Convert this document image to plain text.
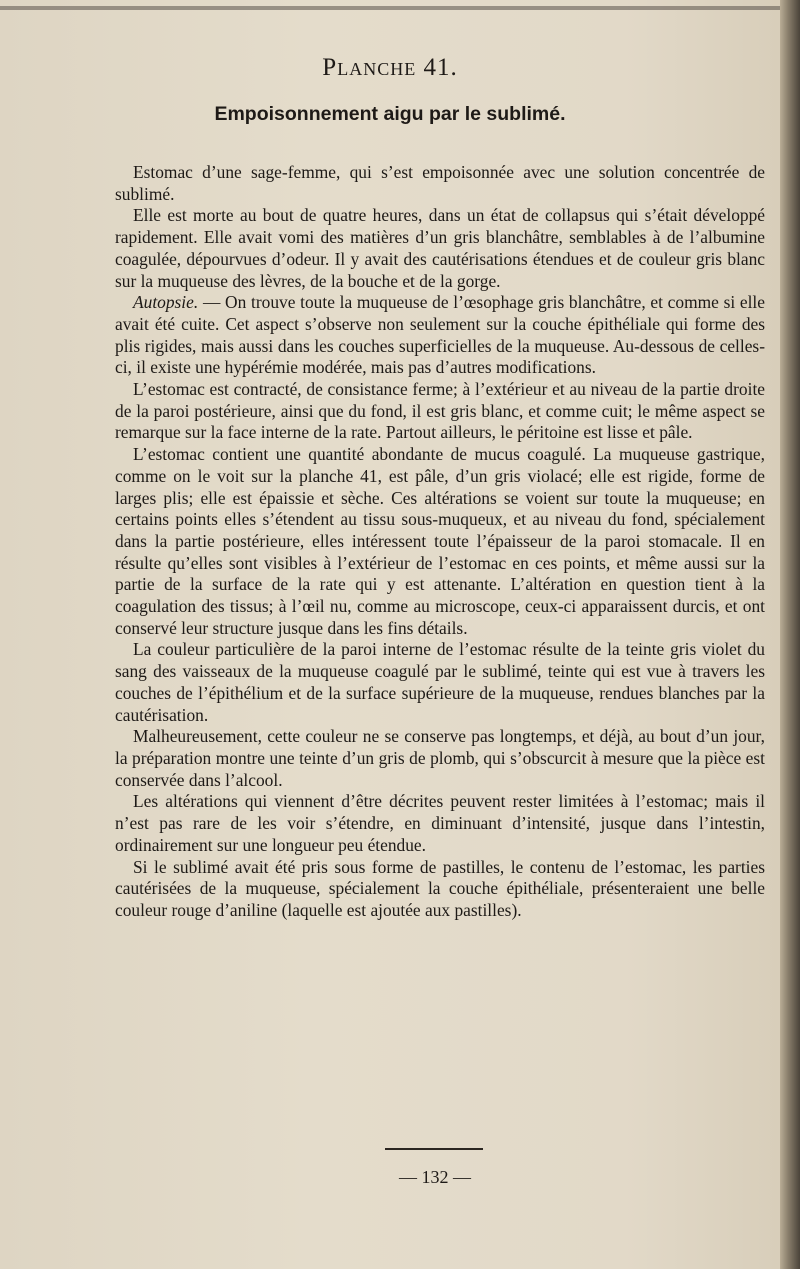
Planche 41.
Empoisonnement aigu par le sublimé.

Estomac d’une sage-femme, qui s’est empoisonnée avec une solution concentrée de sublimé.

Elle est morte au bout de quatre heures, dans un état de collapsus qui s’était développé rapidement. Elle avait vomi des matières d’un gris blanchâtre, semblables à de l’albumine coagulée, dépourvues d’odeur. Il y avait des cautérisations étendues et de couleur gris blanc sur la muqueuse des lèvres, de la bouche et de la gorge.

Autopsie. — On trouve toute la muqueuse de l’œsophage gris blanchâtre, et comme si elle avait été cuite. Cet aspect s’observe non seulement sur la couche épithéliale qui forme des plis rigides, mais aussi dans les couches superficielles de la muqueuse. Au-dessous de celles-ci, il existe une hypérémie modérée, mais pas d’autres modifications.

L’estomac est contracté, de consistance ferme; à l’extérieur et au niveau de la partie droite de la paroi postérieure, ainsi que du fond, il est gris blanc, et comme cuit; le même aspect se remarque sur la face interne de la rate. Partout ailleurs, le péritoine est lisse et pâle.

L’estomac contient une quantité abondante de mucus coagulé. La muqueuse gastrique, comme on le voit sur la planche 41, est pâle, d’un gris violacé; elle est rigide, forme de larges plis; elle est épaissie et sèche. Ces altérations se voient sur toute la muqueuse; en certains points elles s’étendent au tissu sous-muqueux, et au niveau du fond, spécialement dans la partie postérieure, elles intéressent toute l’épaisseur de la paroi stomacale. Il en résulte qu’elles sont visibles à l’extérieur de l’estomac en ces points, et même aussi sur la partie de la surface de la rate qui y est attenante. L’altération en question tient à la coagulation des tissus; à l’œil nu, comme au microscope, ceux-ci apparaissent durcis, et ont conservé leur structure jusque dans les fins détails.

La couleur particulière de la paroi interne de l’estomac résulte de la teinte gris violet du sang des vaisseaux de la muqueuse coagulé par le sublimé, teinte qui est vue à travers les couches de l’épithélium et de la surface supérieure de la muqueuse, rendues blanches par la cautérisation.

Malheureusement, cette couleur ne se conserve pas longtemps, et déjà, au bout d’un jour, la préparation montre une teinte d’un gris de plomb, qui s’obscurcit à mesure que la pièce est conservée dans l’alcool.

Les altérations qui viennent d’être décrites peuvent rester limitées à l’estomac; mais il n’est pas rare de les voir s’étendre, en diminuant d’intensité, jusque dans l’intestin, ordinairement sur une longueur peu étendue.

Si le sublimé avait été pris sous forme de pastilles, le contenu de l’estomac, les parties cautérisées de la muqueuse, spécialement la couche épithéliale, présenteraient une belle couleur rouge d’aniline (laquelle est ajoutée aux pastilles).

— 132 —
